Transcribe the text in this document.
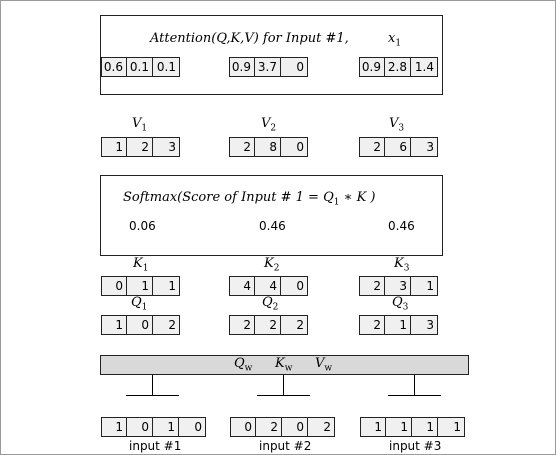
Attention(Q,K,V) for Input #1,	$x_1$
0.6 0.1 0.1	0.9 3.7	0	0.9 2.8 1.4
$V_1$	$V_2$	$V_3$
1	2	3	2	8	0	2	6	3
Softmax(Score of Input # $1 = Q_1$ ∗ K )
0.06	0.46	0.46
$K_1$	$K_2$	$K_3$
0	1	1	4	4	0	2	3	1
$Q_1$	$Q_2$	$Q_3$
1	0	2	2	2	2	2	1	3
$Q_w$ $K_w$ $V_w$
1	0	1	0	0	2	0	2	1	1	1	1
input #1	input #2	input #3
